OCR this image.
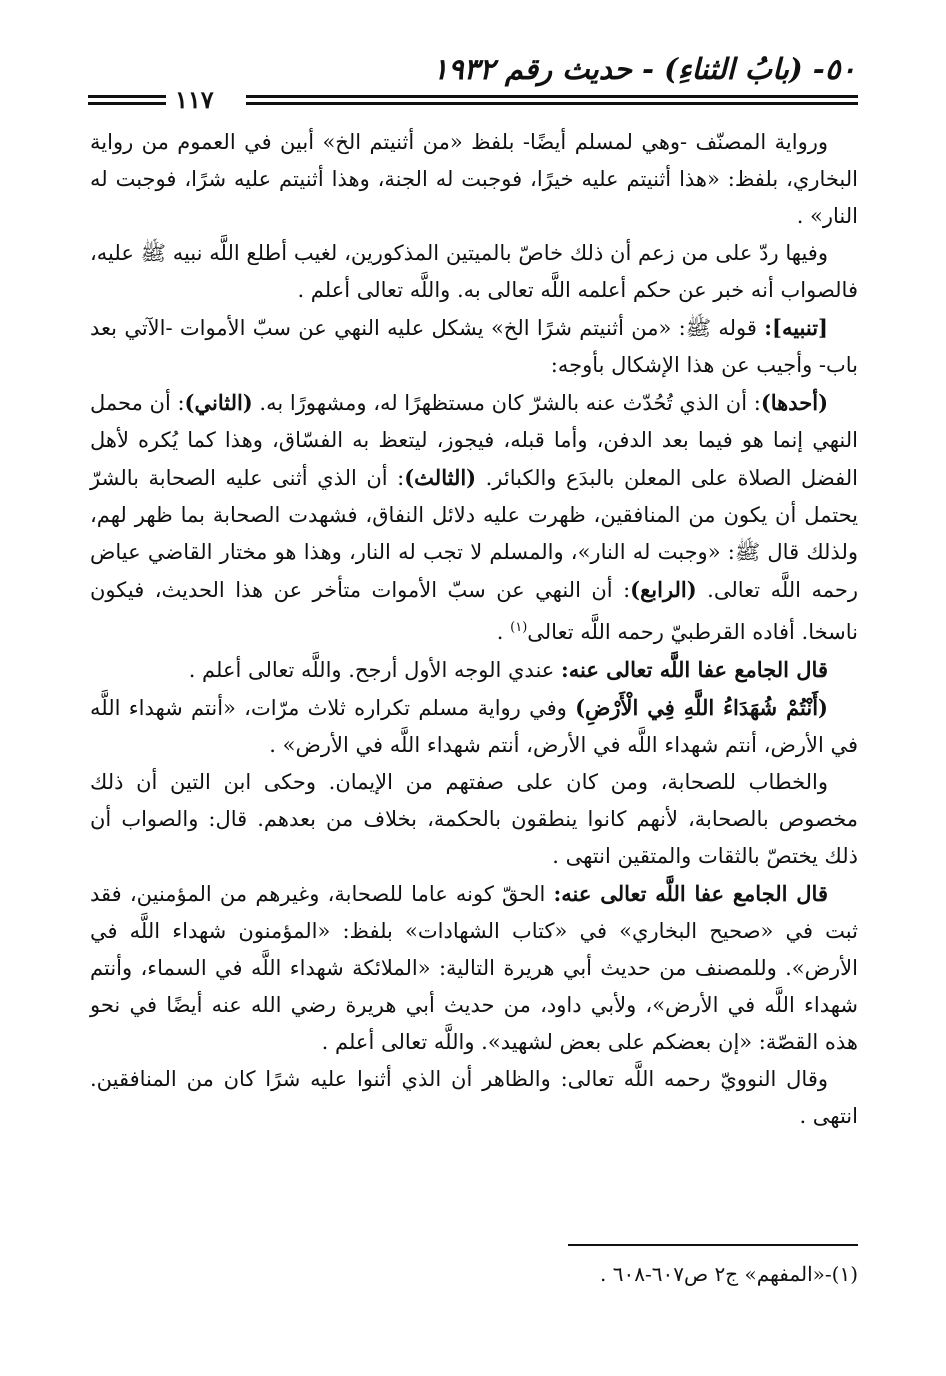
٥٠- (بابُ الثناءِ) - حديث رقم ١٩٣٢
١١٧

ورواية المصنّف -وهي لمسلم أيضًا- بلفظ «من أثنيتم الخ» أبين في العموم من رواية البخاري، بلفظ: «هذا أثنيتم عليه خيرًا، فوجبت له الجنة، وهذا أثنيتم عليه شرًا، فوجبت له النار» .

وفيها ردّ على من زعم أن ذلك خاصّ بالميتين المذكورين، لغيب أطلع اللَّه نبيه ﷺ عليه، فالصواب أنه خبر عن حكم أعلمه اللَّه تعالى به. واللَّه تعالى أعلم .

[تنبيه]: قوله ﷺ: «من أثنيتم شرًا الخ» يشكل عليه النهي عن سبّ الأموات -الآتي بعد باب- وأجيب عن هذا الإشكال بأوجه:

(أحدها): أن الذي تُحُدّث عنه بالشرّ كان مستظهرًا له، ومشهورًا به. (الثاني): أن محمل النهي إنما هو فيما بعد الدفن، وأما قبله، فيجوز، ليتعظ به الفسّاق، وهذا كما يُكره لأهل الفضل الصلاة على المعلن بالبدَع والكبائر. (الثالث): أن الذي أثنى عليه الصحابة بالشرّ يحتمل أن يكون من المنافقين، ظهرت عليه دلائل النفاق، فشهدت الصحابة بما ظهر لهم، ولذلك قال ﷺ: «وجبت له النار»، والمسلم لا تجب له النار، وهذا هو مختار القاضي عياض رحمه اللَّه تعالى. (الرابع): أن النهي عن سبّ الأموات متأخر عن هذا الحديث، فيكون ناسخا. أفاده القرطبيّ رحمه اللَّه تعالى$^{(١)}$ .

قال الجامع عفا اللَّه تعالى عنه: عندي الوجه الأول أرجح. واللَّه تعالى أعلم .

(أَنْتُمْ شُهَدَاءُ اللَّهِ فِي الْأَرْضِ) وفي رواية مسلم تكراره ثلاث مرّات، «أنتم شهداء اللَّه في الأرض، أنتم شهداء اللَّه في الأرض، أنتم شهداء اللَّه في الأرض» .

والخطاب للصحابة، ومن كان على صفتهم من الإيمان. وحكى ابن التين أن ذلك مخصوص بالصحابة، لأنهم كانوا ينطقون بالحكمة، بخلاف من بعدهم. قال: والصواب أن ذلك يختصّ بالثقات والمتقين انتهى .

قال الجامع عفا اللَّه تعالى عنه: الحقّ كونه عاما للصحابة، وغيرهم من المؤمنين، فقد ثبت في «صحيح البخاري» في «كتاب الشهادات» بلفظ: «المؤمنون شهداء اللَّه في الأرض». وللمصنف من حديث أبي هريرة التالية: «الملائكة شهداء اللَّه في السماء، وأنتم شهداء اللَّه في الأرض»، ولأبي داود، من حديث أبي هريرة رضي الله عنه أيضًا في نحو هذه القصّة: «إن بعضكم على بعض لشهيد». واللَّه تعالى أعلم .

وقال النوويّ رحمه اللَّه تعالى: والظاهر أن الذي أثنوا عليه شرًا كان من المنافقين. انتهى .

(١)-«المفهم» ج٢ ص٦٠٧-٦٠٨ .
